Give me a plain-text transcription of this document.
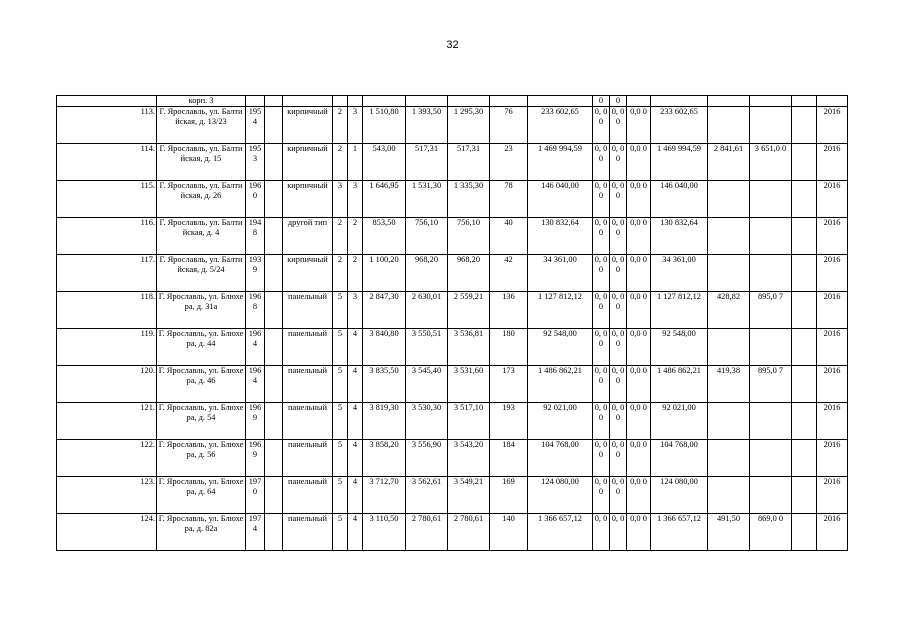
32
	корп. 3											0	0						
113.	Г. Ярославль, ул. Балтийская, д. 13/23	1954		кирпичный	2	3	1 510,80	1 393,50	1 295,30	76	233 602,65	0, 0 0	0, 0 0	0,0 0	233 602,65				2016
114.	Г. Ярославль, ул. Балтийская, д. 15	1953		кирпичный	2	1	543,00	517,31	517,31	23	1 469 994,59	0, 0 0	0, 0 0	0,0 0	1 469 994,59	2 841,61	3 651,0 0		2016
115.	Г. Ярославль, ул. Балтийская, д. 26	1960		кирпичный	3	3	1 646,95	1 531,30	1 335,30	78	146 040,00	0, 0 0	0, 0 0	0,0 0	146 040,00				2016
116.	Г. Ярославль, ул. Балтийская, д. 4	1948		другой тип	2	2	853,50	756,10	756,10	40	130 832,64	0, 0 0	0, 0 0	0,0 0	130 832,64				2016
117.	Г. Ярославль, ул. Балтийская, д. 5/24	1939		кирпичный	2	2	1 100,20	968,20	968,20	42	34 361,00	0, 0 0	0, 0 0	0,0 0	34 361,00				2016
118.	Г. Ярославль, ул. Блюхера, д. 31а	1968		панельный	5	3	2 847,30	2 630,01	2 559,21	136	1 127 812,12	0, 0 0	0, 0 0	0,0 0	1 127 812,12	428,82	895,0 7		2016
119.	Г. Ярославль, ул. Блюхера, д. 44	1964		панельный	5	4	3 840,80	3 550,51	3 536,81	180	92 548,00	0, 0 0	0, 0 0	0,0 0	92 548,00				2016
120.	Г. Ярославль, ул. Блюхера, д. 46	1964		панельный	5	4	3 835,50	3 545,40	3 531,60	173	1 486 862,21	0, 0 0	0, 0 0	0,0 0	1 486 862,21	419,38	895,0 7		2016
121.	Г. Ярославль, ул. Блюхера, д. 54	1969		панельный	5	4	3 819,30	3 530,30	3 517,10	193	92 021,00	0, 0 0	0, 0 0	0,0 0	92 021,00				2016
122.	Г. Ярославль, ул. Блюхера, д. 56	1969		панельный	5	4	3 858,20	3 556,90	3 543,20	184	104 768,00	0, 0 0	0, 0 0	0,0 0	104 768,00				2016
123.	Г. Ярославль, ул. Блюхера, д. 64	1970		панельный	5	4	3 712,70	3 562,61	3 549,21	169	124 080,00	0, 0 0	0, 0 0	0,0 0	124 080,00				2016
124.	Г. Ярославль, ул. Блюхера, д. 82а	1974		панельный	5	4	3 110,50	2 780,61	2 780,61	140	1 366 657,12	0, 0	0, 0	0,0 0	1 366 657,12	491,50	869,0 0		2016
